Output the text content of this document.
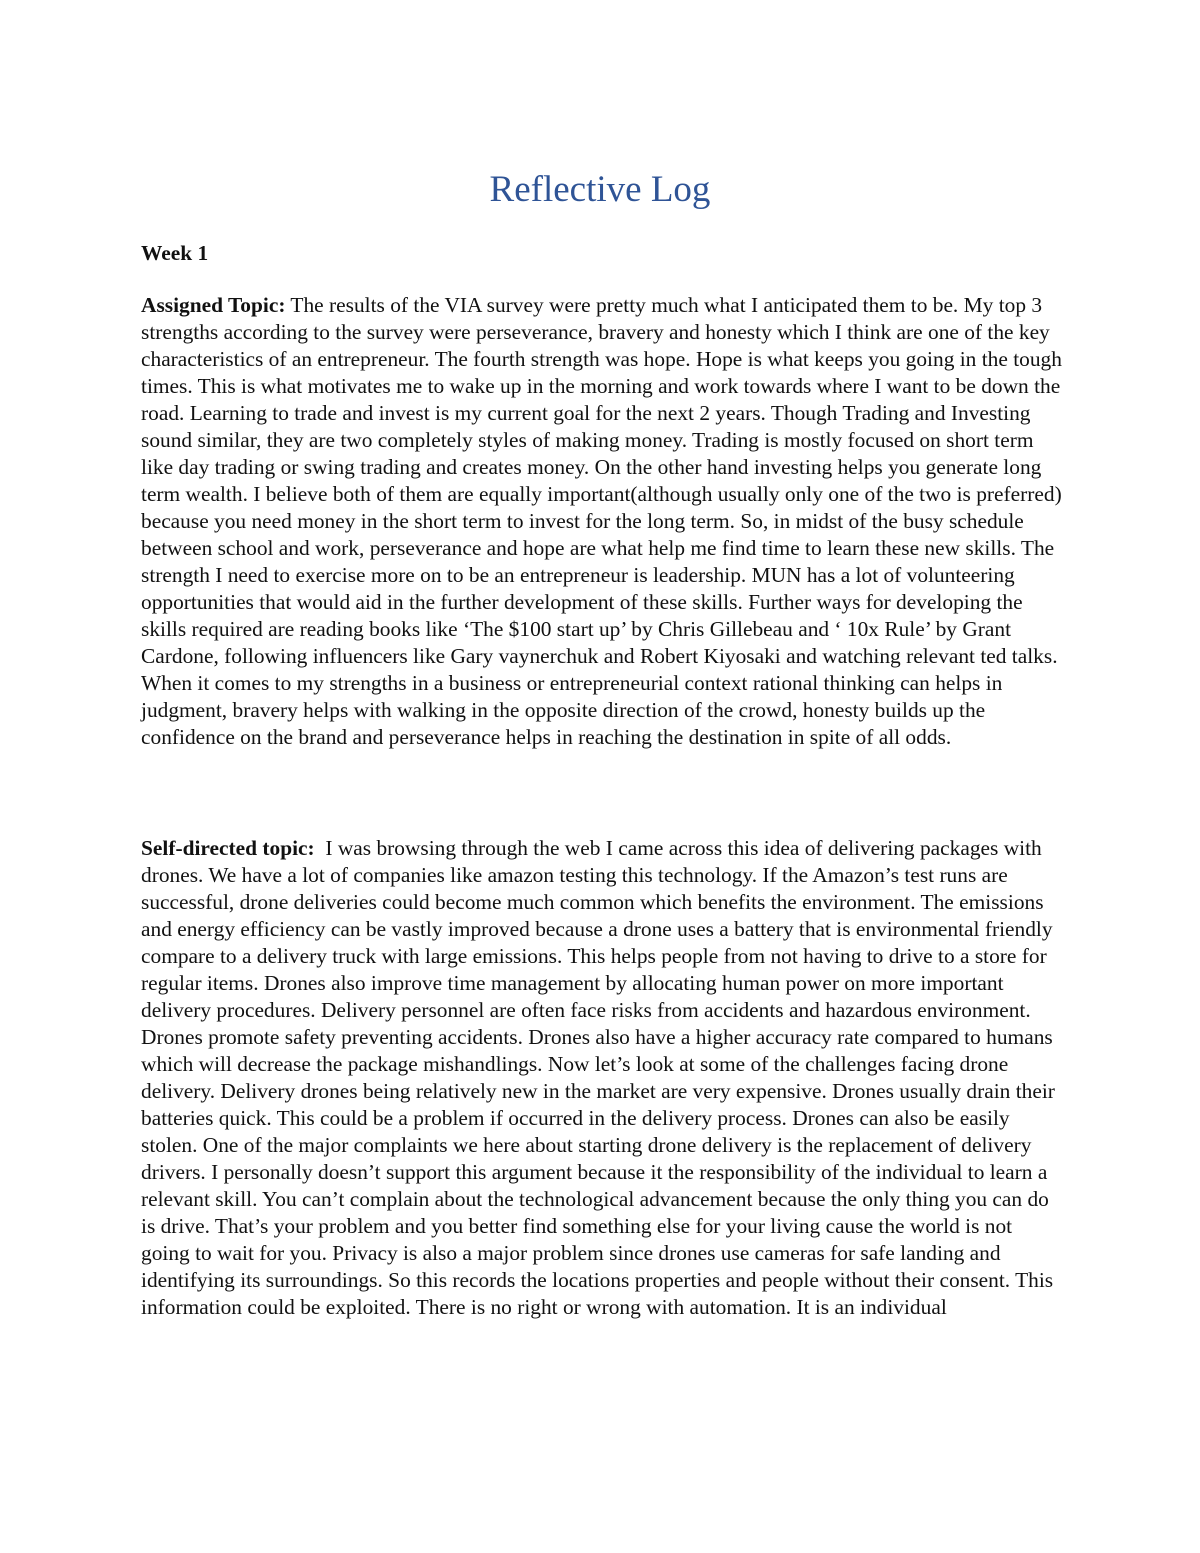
Reflective Log

Week 1

Assigned Topic: The results of the VIA survey were pretty much what I anticipated them to be. My top 3 strengths according to the survey were perseverance, bravery and honesty which I think are one of the key characteristics of an entrepreneur. The fourth strength was hope. Hope is what keeps you going in the tough times. This is what motivates me to wake up in the morning and work towards where I want to be down the road. Learning to trade and invest is my current goal for the next 2 years. Though Trading and Investing sound similar, they are two completely styles of making money. Trading is mostly focused on short term like day trading or swing trading and creates money. On the other hand investing helps you generate long term wealth. I believe both of them are equally important(although usually only one of the two is preferred) because you need money in the short term to invest for the long term. So, in midst of the busy schedule between school and work, perseverance and hope are what help me find time to learn these new skills. The strength I need to exercise more on to be an entrepreneur is leadership. MUN has a lot of volunteering opportunities that would aid in the further development of these skills. Further ways for developing the skills required are reading books like ‘The $100 start up’ by Chris Gillebeau and ‘ 10x Rule’ by Grant Cardone, following influencers like Gary vaynerchuk and Robert Kiyosaki and watching relevant ted talks. When it comes to my strengths in a business or entrepreneurial context rational thinking can helps in judgment, bravery helps with walking in the opposite direction of the crowd, honesty builds up the confidence on the brand and perseverance helps in reaching the destination in spite of all odds.

Self-directed topic: I was browsing through the web I came across this idea of delivering packages with drones. We have a lot of companies like amazon testing this technology. If the Amazon’s test runs are successful, drone deliveries could become much common which benefits the environment. The emissions and energy efficiency can be vastly improved because a drone uses a battery that is environmental friendly compare to a delivery truck with large emissions. This helps people from not having to drive to a store for regular items. Drones also improve time management by allocating human power on more important delivery procedures. Delivery personnel are often face risks from accidents and hazardous environment. Drones promote safety preventing accidents. Drones also have a higher accuracy rate compared to humans which will decrease the package mishandlings. Now let’s look at some of the challenges facing drone delivery. Delivery drones being relatively new in the market are very expensive. Drones usually drain their batteries quick. This could be a problem if occurred in the delivery process. Drones can also be easily stolen. One of the major complaints we here about starting drone delivery is the replacement of delivery drivers. I personally doesn’t support this argument because it the responsibility of the individual to learn a relevant skill. You can’t complain about the technological advancement because the only thing you can do is drive. That’s your problem and you better find something else for your living cause the world is not going to wait for you. Privacy is also a major problem since drones use cameras for safe landing and identifying its surroundings. So this records the locations properties and people without their consent. This information could be exploited. There is no right or wrong with automation. It is an individual
